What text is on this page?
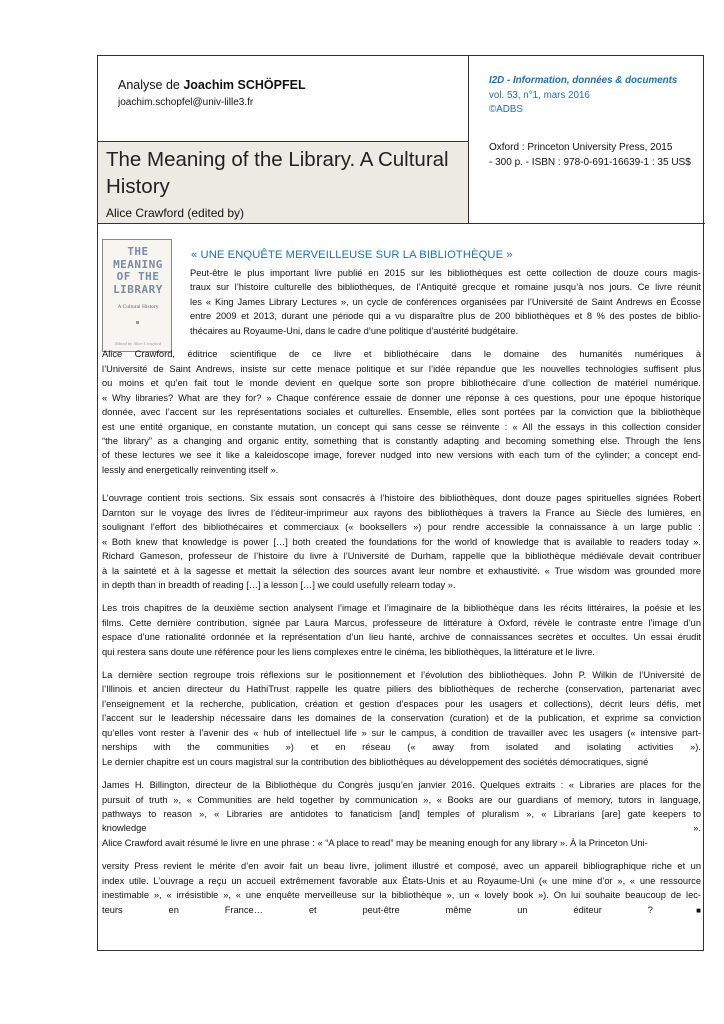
Analyse de Joachim SCHÖPFEL
joachim.schopfel@univ-lille3.fr
I2D - Information, données & documents
vol. 53, n°1, mars 2016
©ADBS
The Meaning of the Library. A Cultural History
Alice Crawford (edited by)
Oxford : Princeton University Press, 2015
- 300 p. - ISBN : 978-0-691-16639-1 : 35 US$
THE
MEANING
OF THE
LIBRARY
A Cultural History
Edited by Alice Crawford
« UNE ENQUÊTE MERVEILLEUSE SUR LA BIBLIOTHÈQUE »
Peut-être le plus important livre publié en 2015 sur les bibliothèques est cette collection de douze cours magis-
traux sur l’histoire culturelle des bibliothèques, de l’Antiquité grecque et romaine jusqu’à nos jours. Ce livre réunit
les « King James Library Lectures », un cycle de conférences organisées par l’Université de Saint Andrews en Écosse
entre 2009 et 2013, durant une période qui a vu disparaître plus de 200 bibliothèques et 8 % des postes de biblio-
thécaires au Royaume-Uni, dans le cadre d’une politique d’austérité budgétaire.
Alice Crawford, éditrice scientifique de ce livre et bibliothécaire dans le domaine des humanités numériques à
l’Université de Saint Andrews, insiste sur cette menace politique et sur l’idée répandue que les nouvelles technologies suffisent plus
ou moins et qu’en fait tout le monde devient en quelque sorte son propre bibliothécaire d’une collection de matériel numérique.
« Why libraries? What are they for? » Chaque conférence essaie de donner une réponse à ces questions, pour une époque historique
donnée, avec l’accent sur les représentations sociales et culturelles. Ensemble, elles sont portées par la conviction que la bibliothèque
est une entité organique, en constante mutation, un concept qui sans cesse se réinvente : « All the essays in this collection consider
“the library” as a changing and organic entity, something that is constantly adapting and becoming something else. Through the lens
of these lectures we see it like a kaleidoscope image, forever nudged into new versions with each turn of the cylinder; a concept end-
lessly and energetically reinventing itself ».
L’ouvrage contient trois sections. Six essais sont consacrés à l’histoire des bibliothèques, dont douze pages spirituelles signées Robert
Darnton sur le voyage des livres de l’éditeur-imprimeur aux rayons des bibliothèques à travers la France au Siècle des lumières, en
soulignant l’effort des bibliothécaires et commerciaux (« booksellers ») pour rendre accessible la connaissance à un large public :
« Both knew that knowledge is power […] both created the foundations for the world of knowledge that is available to readers today ».
Richard Gameson, professeur de l’histoire du livre à l’Université de Durham, rappelle que la bibliothèque médiévale devait contribuer
à la sainteté et à la sagesse et mettait la sélection des sources avant leur nombre et exhaustivité. « True wisdom was grounded more
in depth than in breadth of reading […] a lesson […] we could usefully relearn today ».
Les trois chapitres de la deuxième section analysent l’image et l’imaginaire de la bibliothèque dans les récits littéraires, la poésie et les
films. Cette dernière contribution, signée par Laura Marcus, professeure de littérature à Oxford, révèle le contraste entre l’image d’un
espace d’une rationalité ordonnée et la représentation d’un lieu hanté, archive de connaissances secrètes et occultes. Un essai érudit
qui restera sans doute une référence pour les liens complexes entre le cinéma, les bibliothèques, la littérature et le livre.
La dernière section regroupe trois réflexions sur le positionnement et l’évolution des bibliothèques. John P. Wilkin de l’Université de
l’Illinois et ancien directeur du HathiTrust rappelle les quatre piliers des bibliothèques de recherche (conservation, partenariat avec
l’enseignement et la recherche, publication, création et gestion d’espaces pour les usagers et collections), décrit leurs défis, met
l’accent sur le leadership nécessaire dans les domaines de la conservation (curation) et de la publication, et exprime sa conviction
qu’elles vont rester à l’avenir des « hub of intellectuel life » sur le campus, à condition de travailler avec les usagers (« intensive part-
nerships with the communities ») et en réseau (« away from isolated and isolating activities »).
Le dernier chapitre est un cours magistral sur la contribution des bibliothèques au développement des sociétés démocratiques, signé
James H. Billington, directeur de la Bibliothèque du Congrès jusqu’en janvier 2016. Quelques extraits : « Libraries are places for the
pursuit of truth », « Communities are held together by communication », « Books are our guardians of memory, tutors in language,
pathways to reason », « Libraries are antidotes to fanaticism [and] temples of pluralism », « Librarians [are] gate keepers to
knowledge ».
Alice Crawford avait résumé le livre en une phrase : « “A place to read” may be meaning enough for any library ». À la Princeton Uni-
versity Press revient le mérite d’en avoir fait un beau livre, joliment illustré et composé, avec un appareil bibliographique riche et un
index utile. L’ouvrage a reçu un accueil extrêmement favorable aux États-Unis et au Royaume-Uni (« une mine d’or », « une ressource
inestimable », « irrésistible », « une enquête merveilleuse sur la bibliothèque », un « lovely book »). On lui souhaite beaucoup de lec-
teurs en France… et peut-être même un éditeur ?■
